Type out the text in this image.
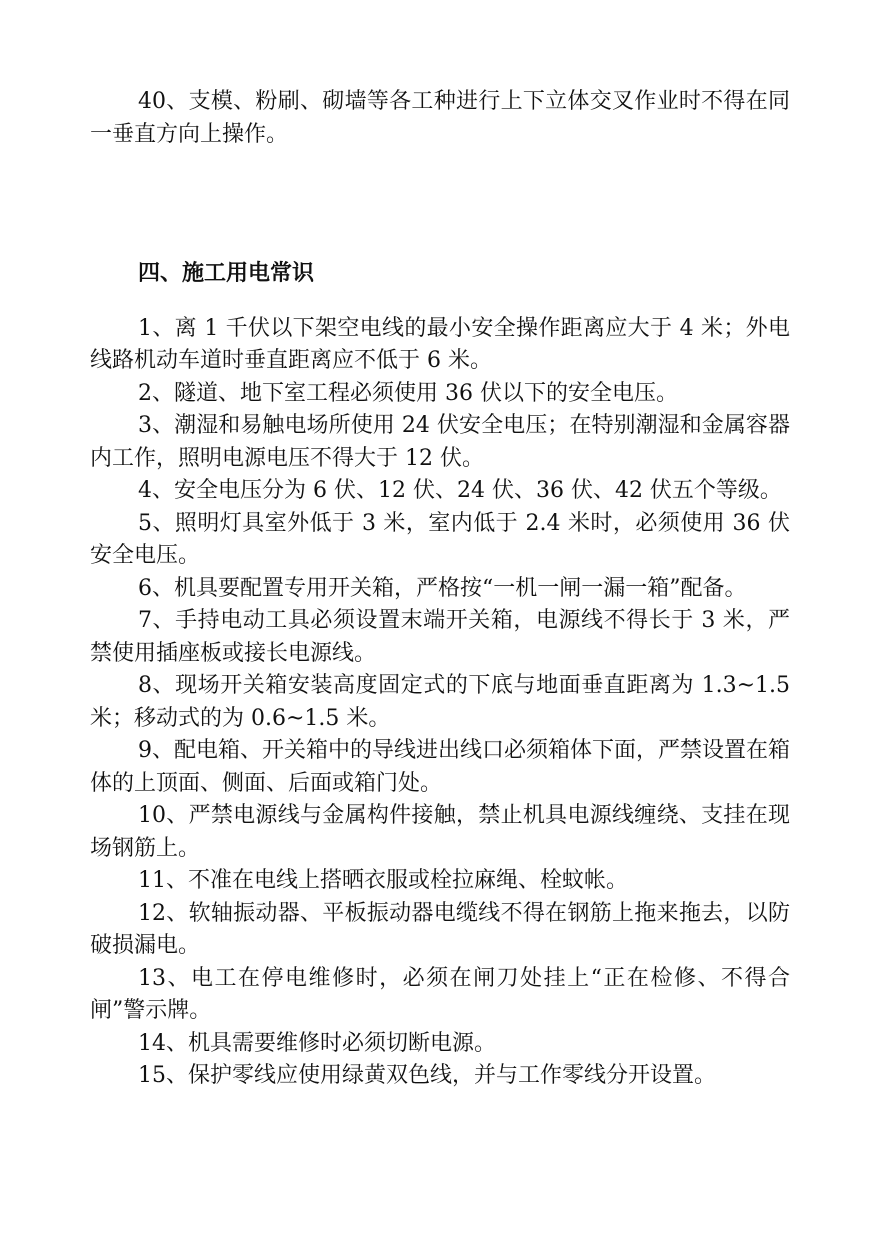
40、支模、粉刷、砌墙等各工种进行上下立体交叉作业时不得在同一垂直方向上操作。

四、施工用电常识

1、离 1 千伏以下架空电线的最小安全操作距离应大于 4 米；外电线路机动车道时垂直距离应不低于 6 米。

2、隧道、地下室工程必须使用 36 伏以下的安全电压。

3、潮湿和易触电场所使用 24 伏安全电压；在特别潮湿和金属容器内工作，照明电源电压不得大于 12 伏。

4、安全电压分为 6 伏、12 伏、24 伏、36 伏、42 伏五个等级。

5、照明灯具室外低于 3 米，室内低于 2.4 米时，必须使用 36 伏安全电压。

6、机具要配置专用开关箱，严格按“一机一闸一漏一箱”配备。

7、手持电动工具必须设置末端开关箱，电源线不得长于 3 米，严禁使用插座板或接长电源线。

8、现场开关箱安装高度固定式的下底与地面垂直距离为 1.3~1.5 米；移动式的为 0.6~1.5 米。

9、配电箱、开关箱中的导线进出线口必须箱体下面，严禁设置在箱体的上顶面、侧面、后面或箱门处。

10、严禁电源线与金属构件接触，禁止机具电源线缠绕、支挂在现场钢筋上。

11、不准在电线上搭晒衣服或栓拉麻绳、栓蚊帐。

12、软轴振动器、平板振动器电缆线不得在钢筋上拖来拖去，以防破损漏电。

13、电工在停电维修时，必须在闸刀处挂上“正在检修、不得合闸”警示牌。

14、机具需要维修时必须切断电源。

15、保护零线应使用绿黄双色线，并与工作零线分开设置。
